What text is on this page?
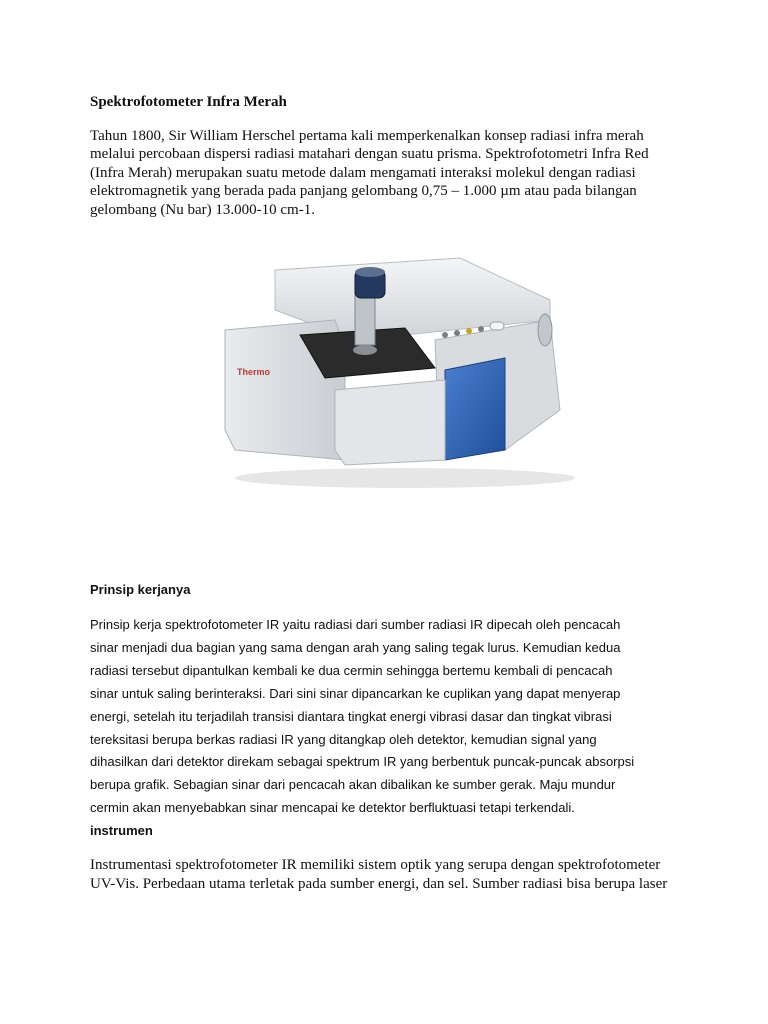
Spektrofotometer Infra Merah
Tahun 1800, Sir William Herschel pertama kali memperkenalkan konsep radiasi infra merah
melalui percobaan dispersi radiasi matahari dengan suatu prisma. Spektrofotometri Infra Red
(Infra Merah) merupakan suatu metode dalam mengamati interaksi molekul dengan radiasi
elektromagnetik yang berada pada panjang gelombang 0,75 – 1.000 µm atau pada bilangan
gelombang (Nu bar) 13.000-10 cm-1.
Thermo
Prinsip kerjanya
Prinsip kerja spektrofotometer IR yaitu radiasi dari sumber radiasi IR dipecah oleh pencacah
sinar menjadi dua bagian yang sama dengan arah yang saling tegak lurus. Kemudian kedua
radiasi tersebut dipantulkan kembali ke dua cermin sehingga bertemu kembali di pencacah
sinar untuk saling berinteraksi. Dari sini sinar dipancarkan ke cuplikan yang dapat menyerap
energi, setelah itu terjadilah transisi diantara tingkat energi vibrasi dasar dan tingkat vibrasi
tereksitasi berupa berkas radiasi IR yang ditangkap oleh detektor, kemudian signal yang
dihasilkan dari detektor direkam sebagai spektrum IR yang berbentuk puncak-puncak absorpsi
berupa grafik. Sebagian sinar dari pencacah akan dibalikan ke sumber gerak. Maju mundur
cermin akan menyebabkan sinar mencapai ke detektor berfluktuasi tetapi terkendali.
instrumen
Instrumentasi spektrofotometer IR memiliki sistem optik yang serupa dengan spektrofotometer
UV-Vis. Perbedaan utama terletak pada sumber energi, dan sel. Sumber radiasi bisa berupa laser
